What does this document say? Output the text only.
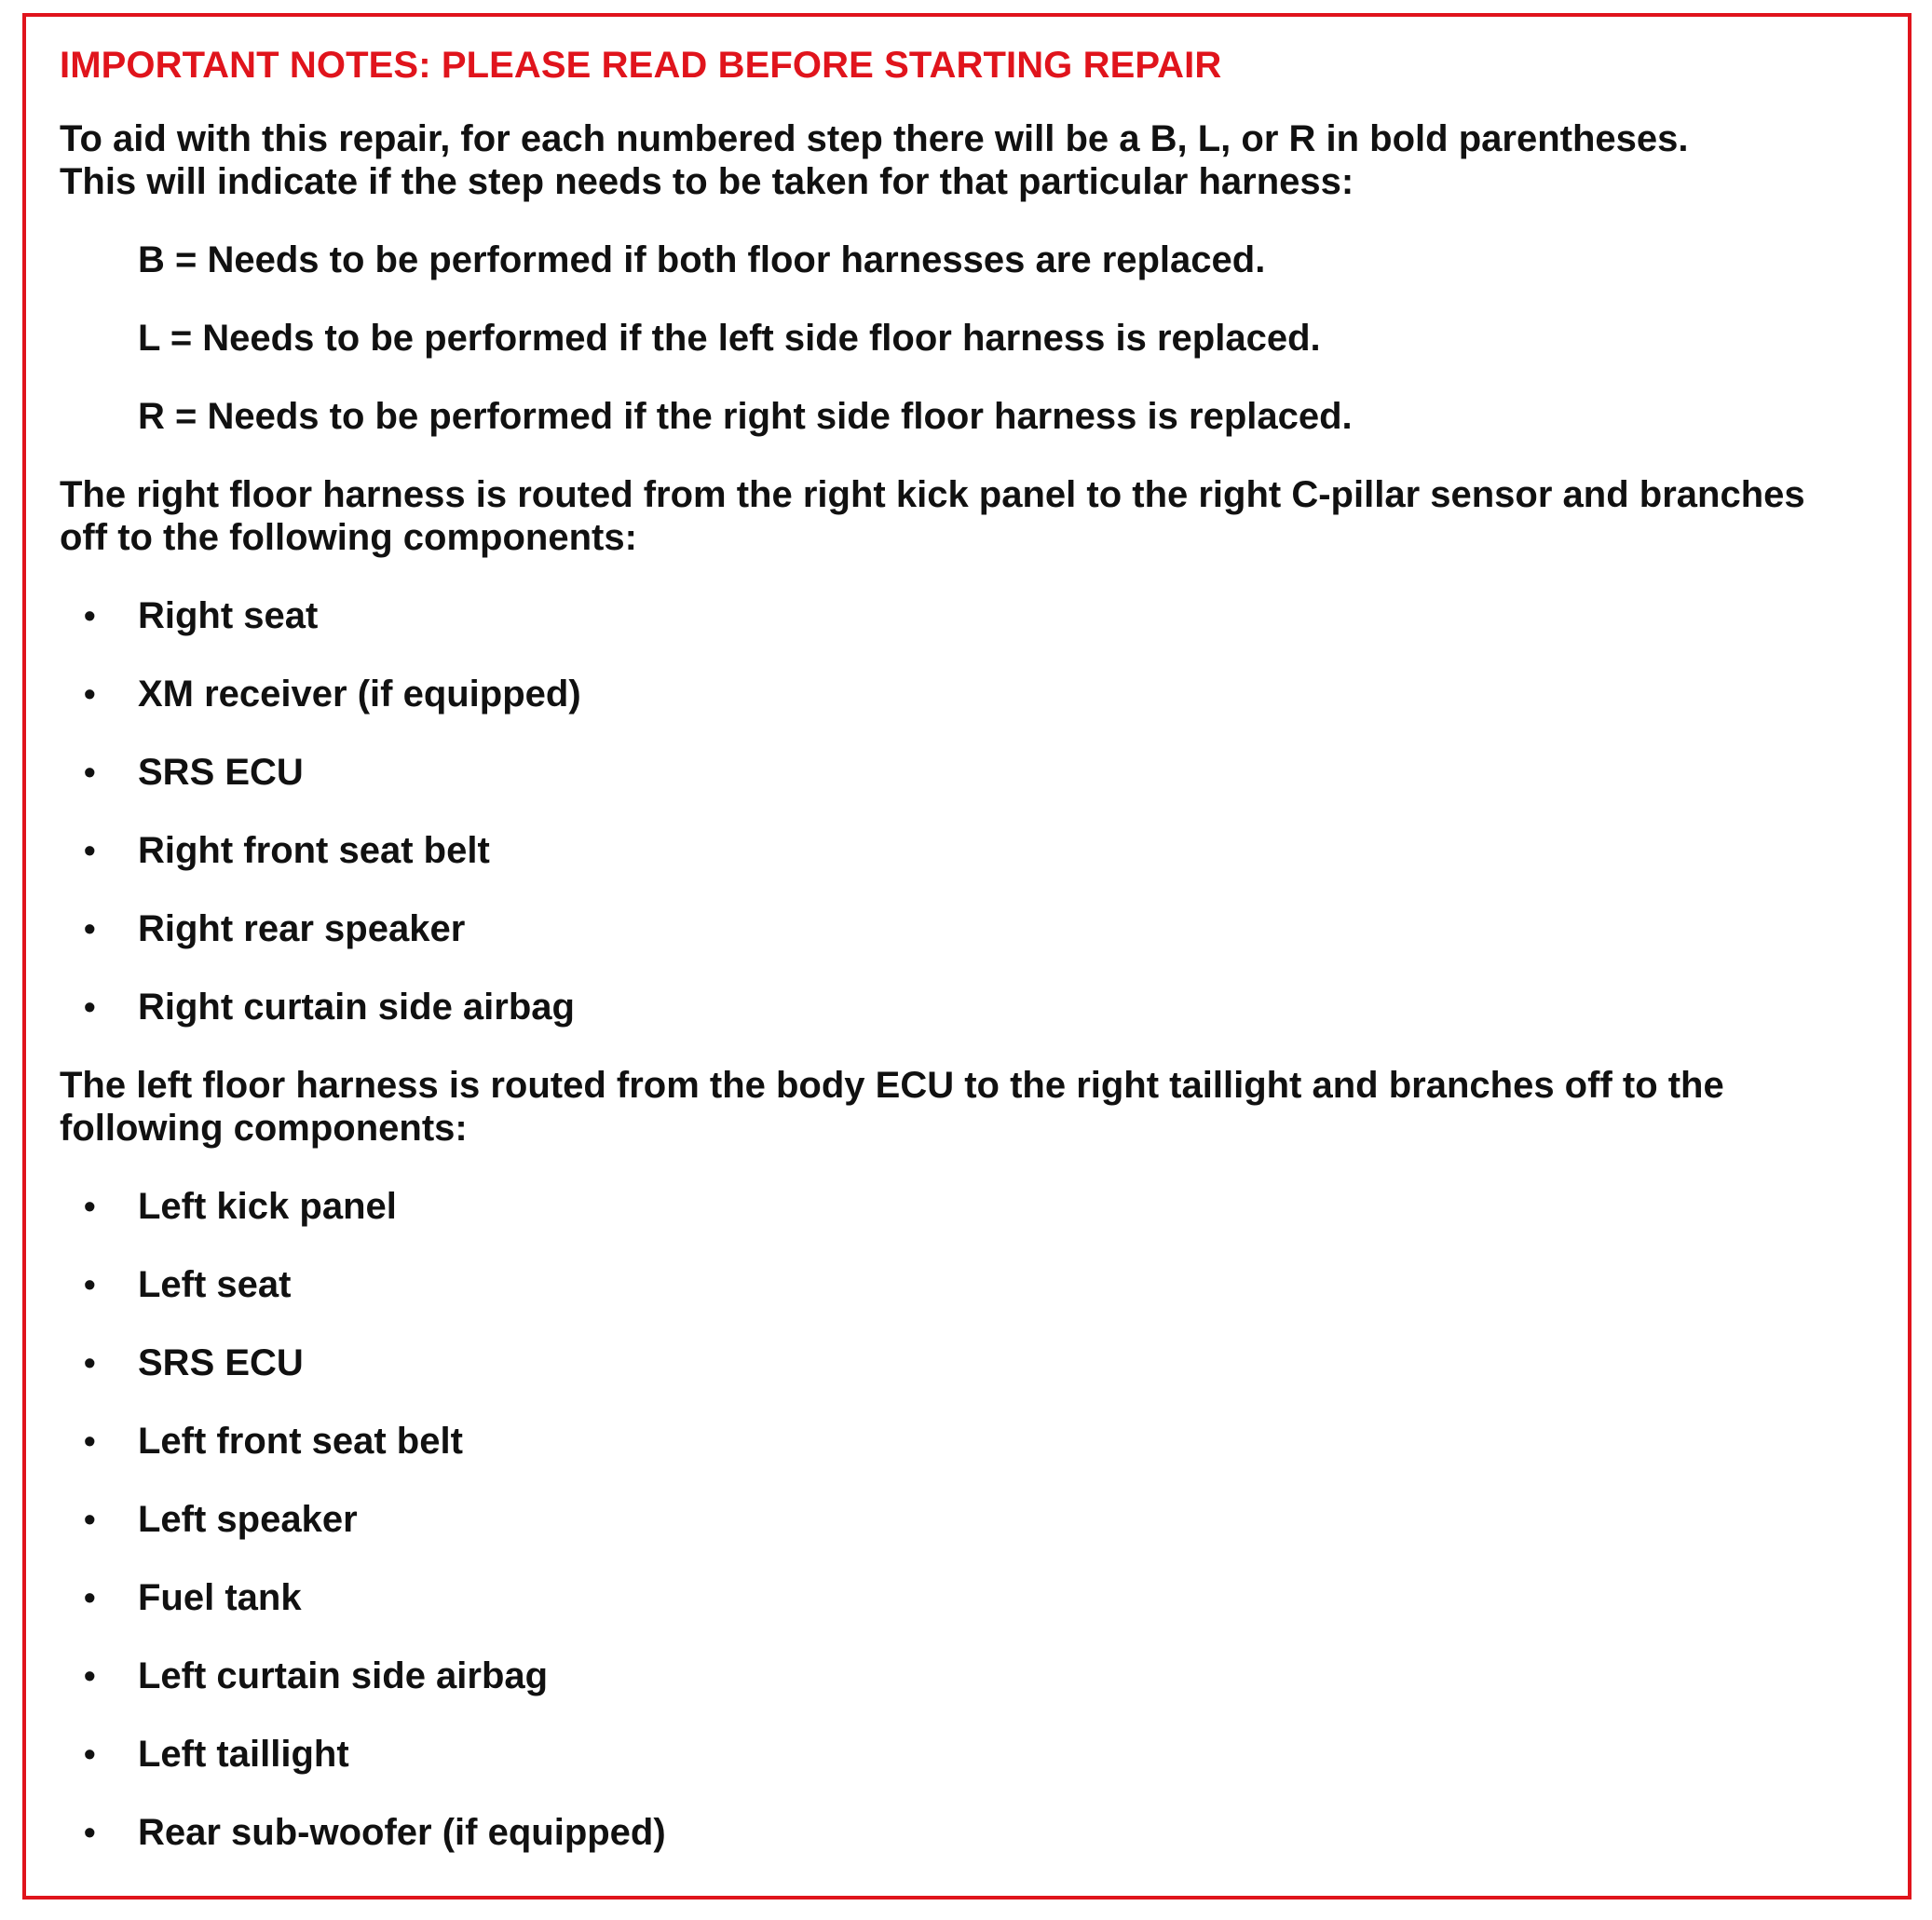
IMPORTANT NOTES: PLEASE READ BEFORE STARTING REPAIR
To aid with this repair, for each numbered step there will be a B, L, or R in bold parentheses.
This will indicate if the step needs to be taken for that particular harness:
B = Needs to be performed if both floor harnesses are replaced.
L = Needs to be performed if the left side floor harness is replaced.
R = Needs to be performed if the right side floor harness is replaced.
The right floor harness is routed from the right kick panel to the right C-pillar sensor and branches
off to the following components:
• Right seat
• XM receiver (if equipped)
• SRS ECU
• Right front seat belt
• Right rear speaker
• Right curtain side airbag
The left floor harness is routed from the body ECU to the right taillight and branches off to the
following components:
• Left kick panel
• Left seat
• SRS ECU
• Left front seat belt
• Left speaker
• Fuel tank
• Left curtain side airbag
• Left taillight
• Rear sub-woofer (if equipped)
